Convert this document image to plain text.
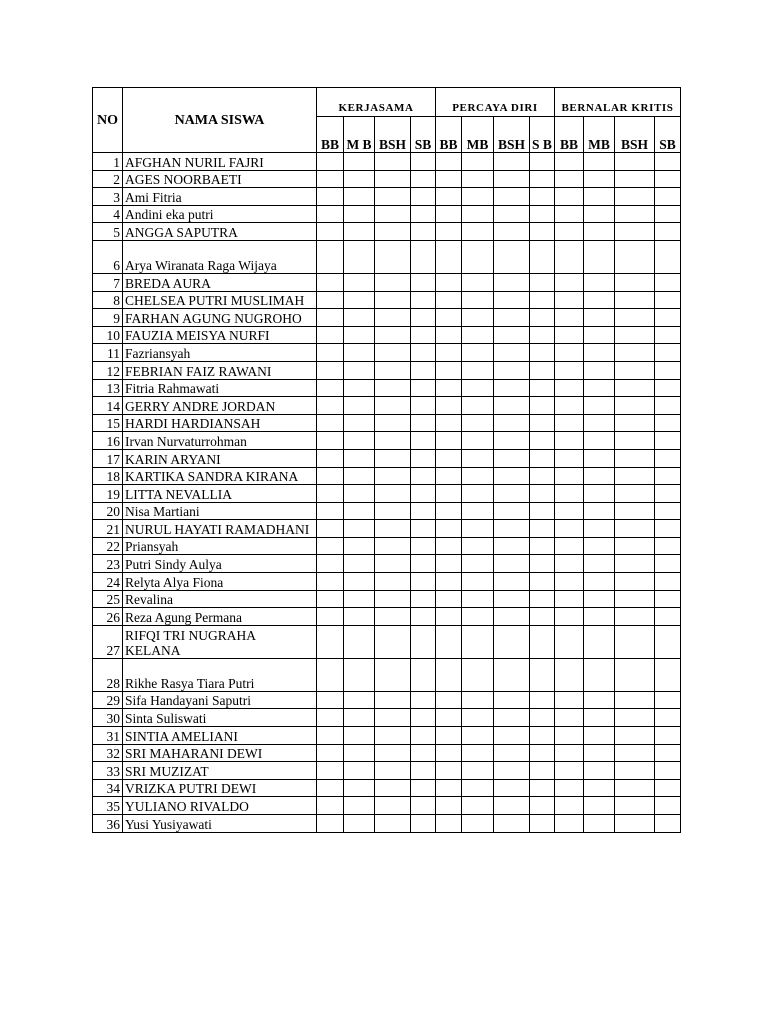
NO	NAMA SISWA	KERJASAMA				PERCAYA DIRI				BERNALAR KRITIS			
		BB	M B	BSH	SB	BB	MB	BSH	S B	BB	MB	BSH	SB
1	AFGHAN NURIL FAJRI												
2	AGES NOORBAETI												
3	Ami Fitria												
4	Andini eka putri												
5	ANGGA SAPUTRA												
6	Arya Wiranata Raga Wijaya												
7	BREDA AURA												
8	CHELSEA PUTRI MUSLIMAH												
9	FARHAN AGUNG NUGROHO												
10	FAUZIA MEISYA NURFI												
11	Fazriansyah												
12	FEBRIAN FAIZ RAWANI												
13	Fitria Rahmawati												
14	GERRY ANDRE JORDAN												
15	HARDI HARDIANSAH												
16	Irvan Nurvaturrohman												
17	KARIN ARYANI												
18	KARTIKA SANDRA KIRANA												
19	LITTA NEVALLIA												
20	Nisa Martiani												
21	NURUL HAYATI RAMADHANI												
22	Priansyah												
23	Putri Sindy Aulya												
24	Relyta Alya Fiona												
25	Revalina												
26	Reza Agung Permana												
27	RIFQI TRI NUGRAHA KELANA												
28	Rikhe Rasya Tiara Putri												
29	Sifa Handayani Saputri												
30	Sinta Suliswati												
31	SINTIA AMELIANI												
32	SRI MAHARANI DEWI												
33	SRI MUZIZAT												
34	VRIZKA PUTRI DEWI												
35	YULIANO RIVALDO												
36	Yusi Yusiyawati												
